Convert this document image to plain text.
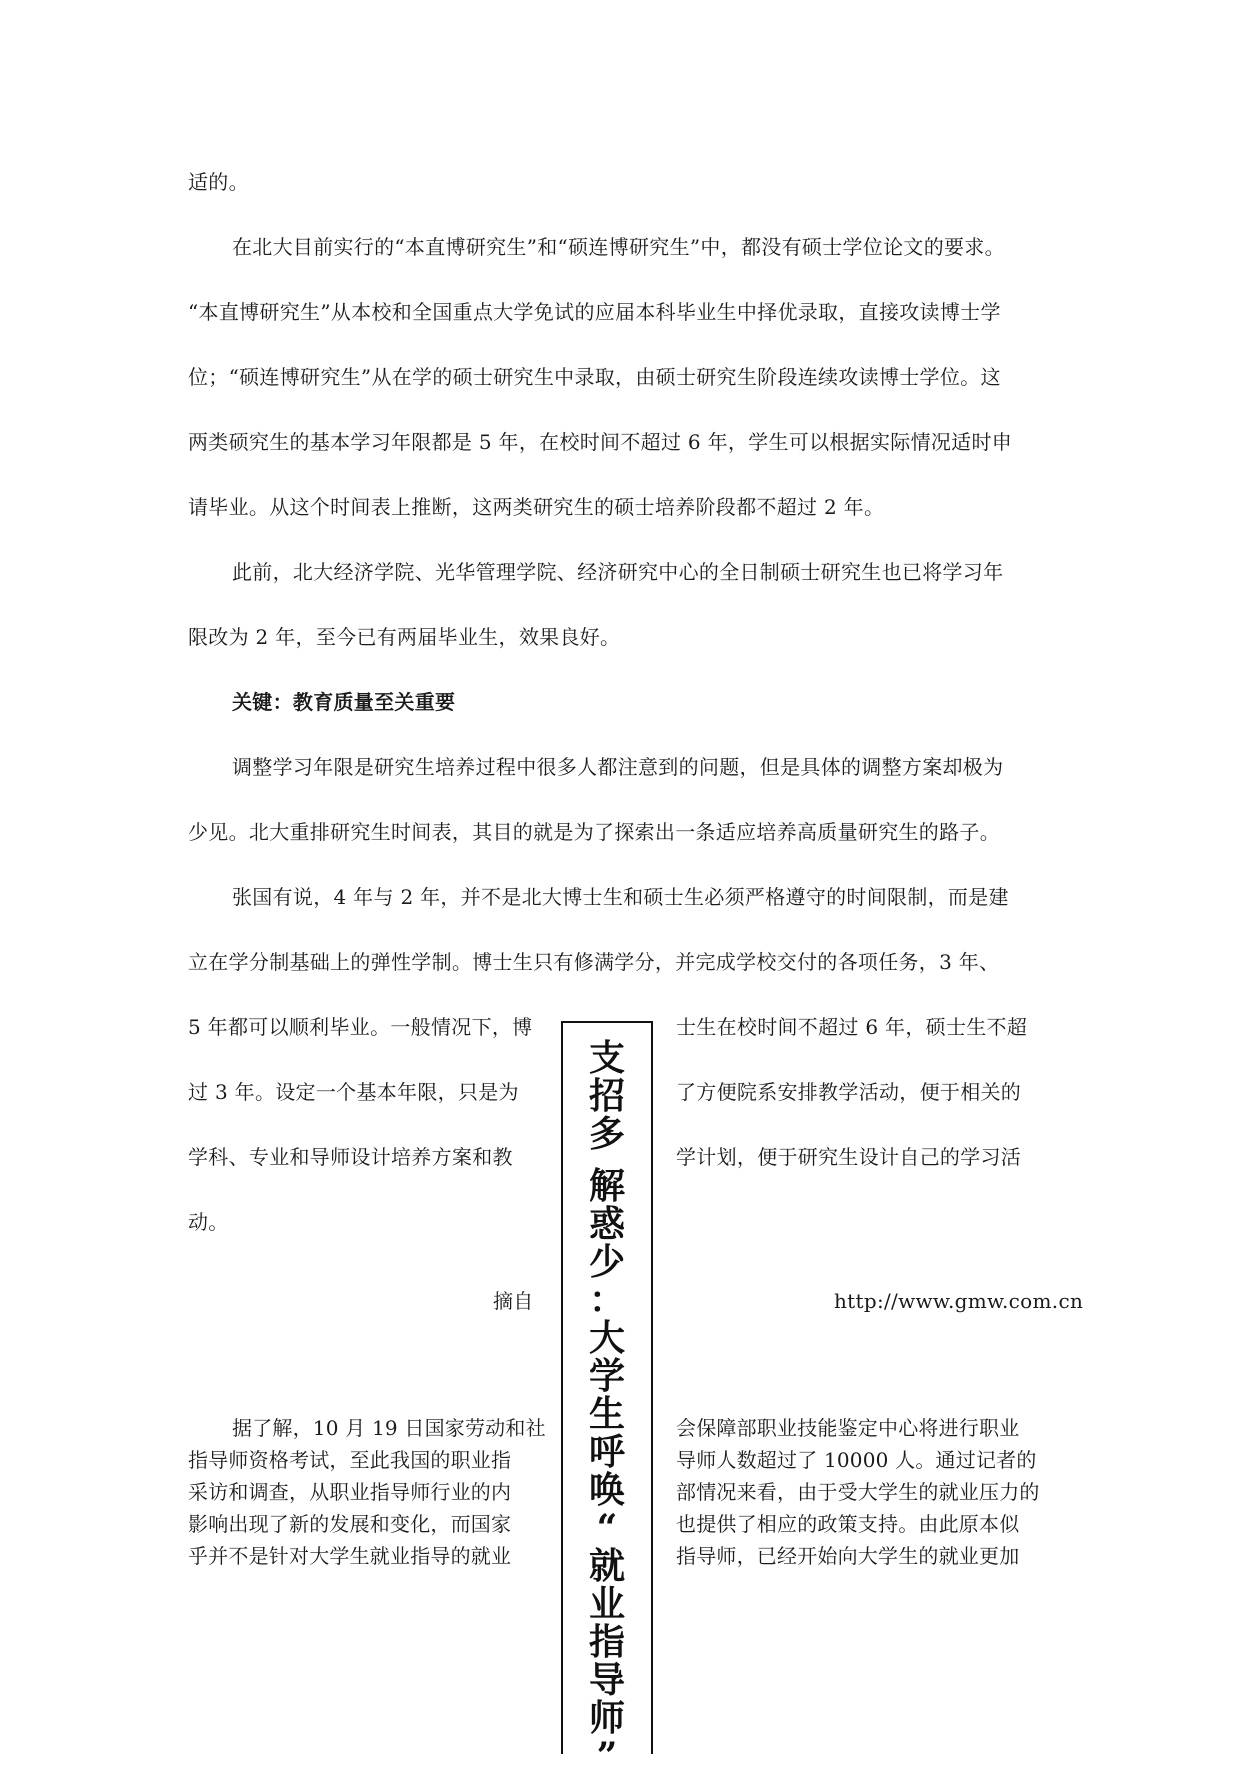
适的。
在北大目前实行的“本直博研究生”和“硕连博研究生”中，都没有硕士学位论文的要求。
“本直博研究生”从本校和全国重点大学免试的应届本科毕业生中择优录取，直接攻读博士学
位；“硕连博研究生”从在学的硕士研究生中录取，由硕士研究生阶段连续攻读博士学位。这
两类硕究生的基本学习年限都是 5 年，在校时间不超过 6 年，学生可以根据实际情况适时申
请毕业。从这个时间表上推断，这两类研究生的硕士培养阶段都不超过 2 年。
此前，北大经济学院、光华管理学院、经济研究中心的全日制硕士研究生也已将学习年
限改为 2 年，至今已有两届毕业生，效果良好。
关键：教育质量至关重要
调整学习年限是研究生培养过程中很多人都注意到的问题，但是具体的调整方案却极为
少见。北大重排研究生时间表，其目的就是为了探索出一条适应培养高质量研究生的路子。
张国有说，4 年与 2 年，并不是北大博士生和硕士生必须严格遵守的时间限制，而是建
立在学分制基础上的弹性学制。博士生只有修满学分，并完成学校交付的各项任务，3 年、
5 年都可以顺利毕业。一般情况下，博
过 3 年。设定一个基本年限，只是为
学科、专业和导师设计培养方案和教
动。
士生在校时间不超过 6 年，硕士生不超
了方便院系安排教学活动，便于相关的
学计划，便于研究生设计自己的学习活
摘自	http://www.gmw.com.cn
支
招
多
解
惑
少
：
大
学
生
呼
唤
“
就
业
指
导
师
”
据了解，10 月 19 日国家劳动和社
指导师资格考试，至此我国的职业指
采访和调查，从职业指导师行业的内
影响出现了新的发展和变化，而国家
乎并不是针对大学生就业指导的就业
会保障部职业技能鉴定中心将进行职业
导师人数超过了 10000 人。通过记者的
部情况来看，由于受大学生的就业压力的
也提供了相应的政策支持。由此原本似
指导师，已经开始向大学生的就业更加
